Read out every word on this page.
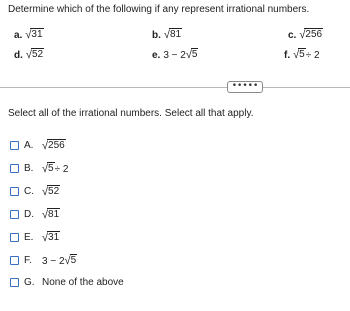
Determine which of the following if any represent irrational numbers.
a. √ 31	b. √ 81	c. √ 256
d. √ 52	e. 3 − 2 √ 5	f. √ 5 ÷ 2
•••••
Select all of the irrational numbers. Select all that apply.
A. √ 256
B. √ 5 ÷ 2
C. √ 52
D. √ 81
E. √ 31
F.	3 − 2 √ 5
G. None of the above
